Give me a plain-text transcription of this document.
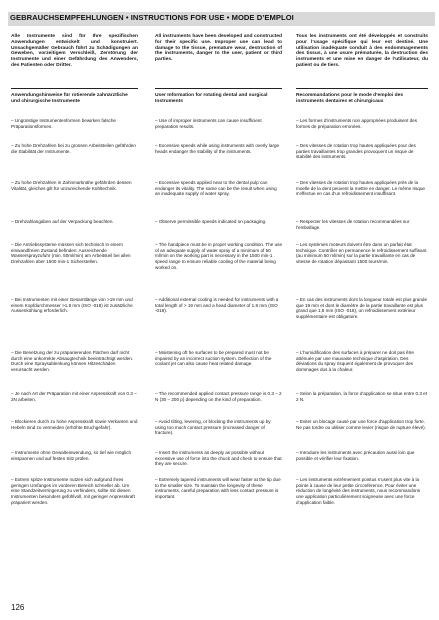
GEBRAUCHSEMPFEHLUNGEN • INSTRUCTIONS FOR USE • MODE D’EMPLOI
Alle Instrumente sind für Ihre spezifischen Anwendungen entwickelt und konstruiert. Unsachgemäßer Gebrauch führt zu Schädigungen an Geweben, vorzeitigem Verschleiß, Zerstörung der Instrumente und einer Gefährdung des Anwenders, des Patienten oder Dritter.
All instruments have been developed and constructed for their specific use. Improper use can lead to damage to the tissue, premature wear, destruction of the instruments, danger to the user, patient or third parties.
Tous les instruments ont été développés et construits pour l’usage spécifique qui leur est destiné. Une utilisation inadéquate conduit à des endommagements des tissus, à une usure prématurée, la destruction des instruments et une mise en danger de l’utilisateur, du patient ou de tiers.
Anwendungshinweise für rotierende zahnärztliche und chirurgische Instrumente
User Information for rotating dental and surgical Instruments
Recommandations pour le mode d’emploi des instruments dentaires et chirurgicaux
– Ungünstige Instrumentenformen bewirken falsche Präparationsformen.
– Use of improper instruments can cause insufficient preparation results.
– Les formes d’instruments non appropriées produisent des formes de préparation erronées.
– Zu hohe Drehzahlen bei zu grossen Arbeitsteilen gefährden die Stabilität der Instrumente.
– Excessive speeds while using instruments with overly large heads endanger the stability of the instruments.
– Des vitesses de rotation trop hautes appliquées pour des parties travaillantes trop grandes provoquent un risque de stabilité des instruments.
– Zu hohe Drehzahlen in Zahnmarknähe gefährden dessen Vitalität, gleiches gilt für unzureichende Kühltechnik.
– Excessive speeds applied near to the dental pulp can endanger its vitality. The same can be the result when using an inadequate supply of water spray.
– Des vitesses de rotation trop hautes appliquées près de la moelle de la dent peuvent la mettre en danger. Le même risque s’effectue en cas d’un refroidissement insuffisant.
– Drehzahlangaben auf der Verpackung beachten.	– Observe permissible speeds indicated on packaging.	– Respecter les vitesses de rotation recommandées sur l’emballage.
– Die Antriebssysteme müssen sich technisch in einem einwandfreien Zustand befinden. Ausreichende Wassersprayzufuhr (min. 50ml/min) am Arbeitsteil bei allen Drehzahlen über 1500 min-1 Sicherstellen.
– The handpiece must be in proper working condition. The use of an adequate supply of water spray of a minimum of 50 ml/min on the working part is necessary in the 1500 min-1 speed range to ensure reliable cooling of the material being worked on.
– Les systèmes moteurs doivent être dans un parfait état technique. Contrôler en permanence le refroidissement suffisant (au minimum 50 ml/min) sur la partie travaillante en cas de vitesse de rotation dépassant 1500 tours/min.
– Bei Instrumenten mit einer Gesamtlänge von >19 mm und einem Kopfdurchmesser >1.8 mm (ISO -018) ist zusätzliche Aussenkühlung erforderlich.
– Additional external cooling is needed for instruments with a total length of > 19 mm and a head diameter of 1.8 mm (ISO -018).
– En cas des instruments dont la longueur totale est plus grande que 19 mm et dont le diamètre de la partie travaillante est plus grand que 1,8 mm (ISO -018), un refroidissement extérieur supplémentaire est obligatoire.
– Die Benetzung der zu präparierenden Flächen darf nicht durch eine unkorrekte Absaugtechnik beeinträchtigt werden. Durch eine Spraysablenkung können Hitzeschäden verursacht werden.
– Moistening oft he surfaces to be prepared must not be impaired by an incorrect suction system. Deflection of the coolant jet can also cause heat related damage.
– L’humidification des surfaces à préparer ne doit pas être atténuée par une mauvaise technique d’aspiration. Des déviations du spray risquent également de provoquer des dommages dus à la chaleur.
– Je nach Art der Präparation mit einer Anpresskraft von 0.3 – 2N arbeiten.
– The recommended applied contact pressure range is 0.3 – 2 N (30 – 200 p) depending on the kind of preparation.
– Selon la préparation, la force d’application se situe entre 0.3 et 2 N.
– Blockieren durch zu hohe Anpresskraft sowie Verkanten und Hebeln sind zu vermeiden (erhöhte Bruchgefahr).
– Avoid tilting, levering, or blocking the instruments up by using too much contact pressure (increased danger of fracture).
– Eviter un blocage causé par une force d’application trop forte. Ne pas tordre ou utiliser comme levier (risque de rupture élevé).
– Instrumente ohne Gewalteinwendung, so tief wie möglich einspannen und auf festen Sitz prüfen.
– Insert the instruments as deeply as possible without excessive use of force into the chuck and check to ensure that they are secure.
– Introduire les instruments avec précaution aussi loin que possible et vérifier leur fixation.
– Extrem spitze Instrumente nutzen sich aufgrund ihres geringen Umfanges im vorderen Bereich schneller ab. Um eine Standzeitverringerung zu verhindern, sollte mit diesen Instrumenten besonders gefühlvoll, mit geringer Anpresskraft präpariert werden.
– Extremely tapered instruments will wear faster at the tip due to the smaller size. To maintain the longevity of these instruments, careful preparation with less contact pressure is important.
– Les instruments extrêmement pointus s’usent plus vite à la pointe à cause de leur petite circonférence. Pour éviter une réduction de longévité des instruments, nous recommandons une application particulièrement soigneuse avec une force d’application faible.
126
